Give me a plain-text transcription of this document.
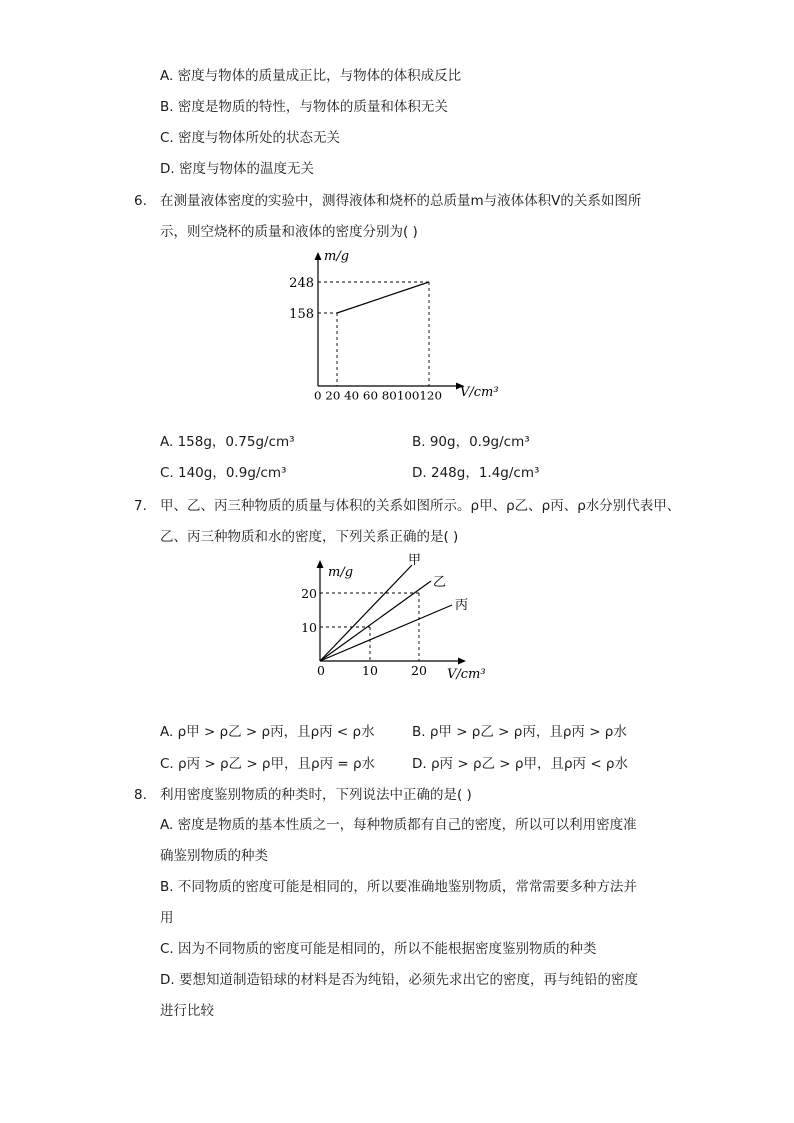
A. 密度与物体的质量成正比，与物体的体积成反比
B. 密度是物质的特性，与物体的质量和体积无关
C. 密度与物体所处的状态无关
D. 密度与物体的温度无关
6. 在测量液体密度的实验中，测得液体和烧杯的总质量m与液体体积V的关系如图所
示，则空烧杯的质量和液体的密度分别为( )
m/g
248
158
0 20 40 60 80100120 V/cm³
A. 158g，0.75g/cm³	B. 90g，0.9g/cm³
C. 140g，0.9g/cm³	D. 248g，1.4g/cm³
7. 甲、乙、丙三种物质的质量与体积的关系如图所示。ρ甲、ρ乙、ρ丙、ρ水分别代表甲、
乙、丙三种物质和水的密度，下列关系正确的是( )
m/g
20
10
0	10	20 V/cm³
甲
乙
丙
A. ρ甲 > ρ乙 > ρ丙，且ρ丙 < ρ水	B. ρ甲 > ρ乙 > ρ丙，且ρ丙 > ρ水
C. ρ丙 > ρ乙 > ρ甲，且ρ丙 = ρ水	D. ρ丙 > ρ乙 > ρ甲，且ρ丙 < ρ水
8. 利用密度鉴别物质的种类时，下列说法中正确的是( )
A. 密度是物质的基本性质之一，每种物质都有自己的密度，所以可以利用密度准
确鉴别物质的种类
B. 不同物质的密度可能是相同的，所以要准确地鉴别物质，常常需要多种方法并
用
C. 因为不同物质的密度可能是相同的，所以不能根据密度鉴别物质的种类
D. 要想知道制造铅球的材料是否为纯铅，必须先求出它的密度，再与纯铅的密度
进行比较
